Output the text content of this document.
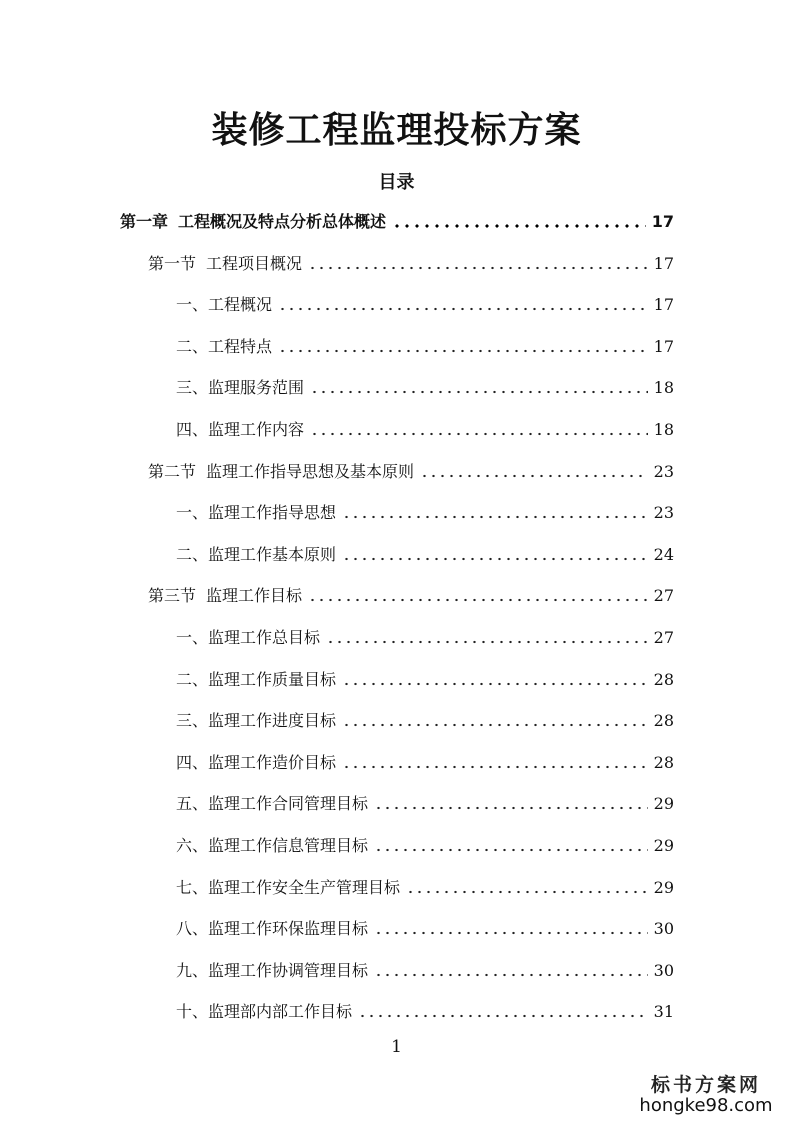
装修工程监理投标方案
目录
第一章 工程概况及特点分析总体概述	17
第一节 工程项目概况	17
一、 工程概况	17
二、 工程特点	17
三、 监理服务范围	18
四、 监理工作内容	18
第二节 监理工作指导思想及基本原则	23
一、 监理工作指导思想	23
二、 监理工作基本原则	24
第三节 监理工作目标	27
一、 监理工作总目标	27
二、 监理工作质量目标	28
三、 监理工作进度目标	28
四、 监理工作造价目标	28
五、 监理工作合同管理目标	29
六、 监理工作信息管理目标	29
七、 监理工作安全生产管理目标	29
八、 监理工作环保监理目标	30
九、 监理工作协调管理目标	30
十、 监理部内部工作目标	31
1
标书方案网
hongke98.com
